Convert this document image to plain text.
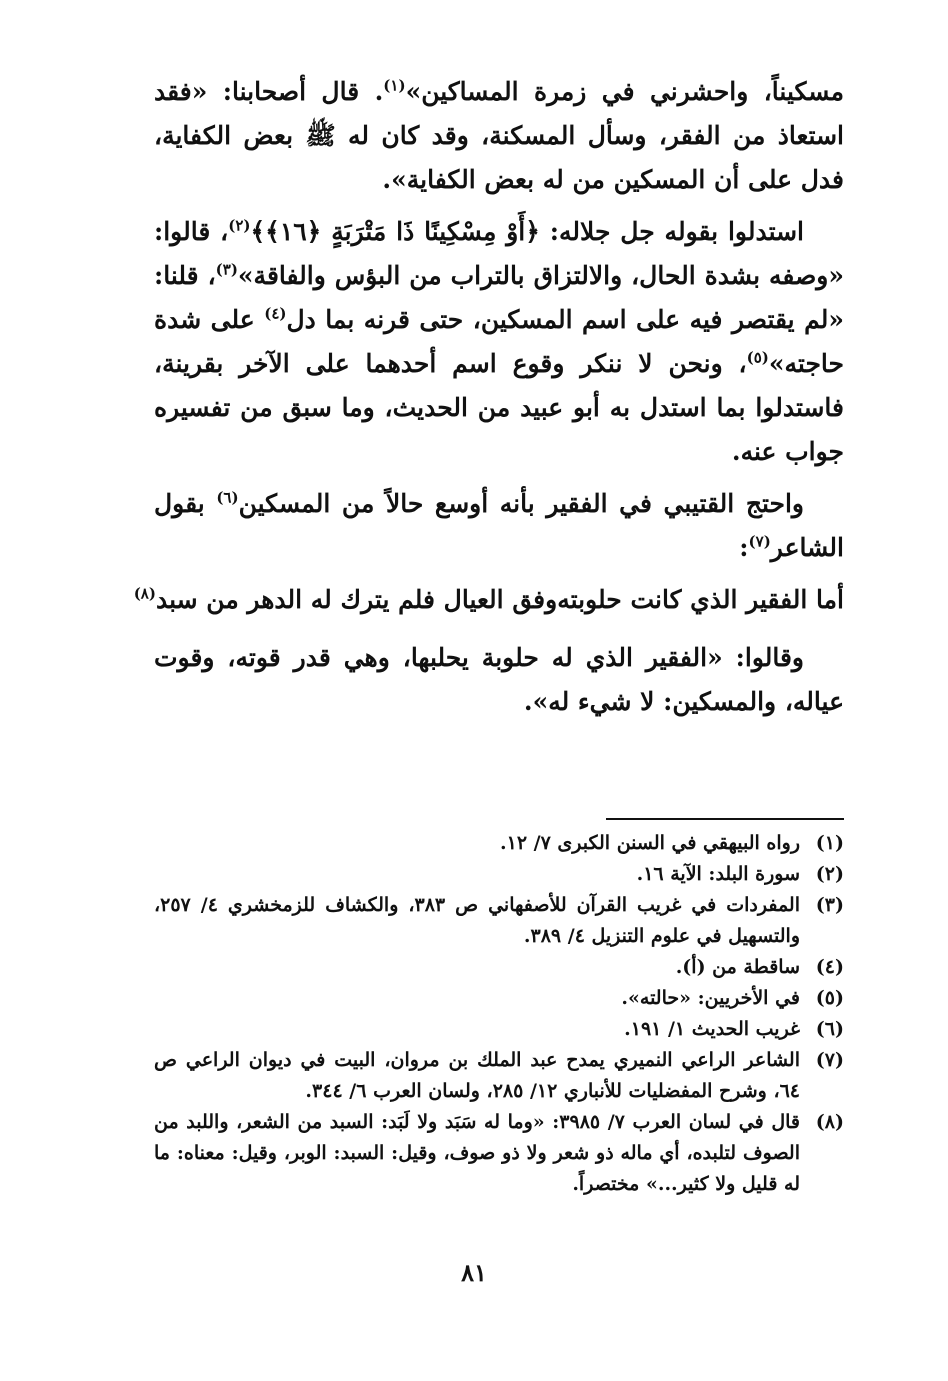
مسكيناً، واحشرني في زمرة المساكين»$^{(١)}$. قال أصحابنا: «فقد استعاذ من الفقر، وسأل المسكنة، وقد كان له ﷺ بعض الكفاية، فدل على أن المسكين من له بعض الكفاية».

استدلوا بقوله جل جلاله: ﴿أَوْ مِسْكِينًا ذَا مَتْرَبَةٍ ﴿١٦﴾﴾$^{(٢)}$، قالوا: «وصفه بشدة الحال، والالتزاق بالتراب من البؤس والفاقة»$^{(٣)}$، قلنا: «لم يقتصر فيه على اسم المسكين، حتى قرنه بما دل$^{(٤)}$ على شدة حاجته»$^{(٥)}$، ونحن لا ننكر وقوع اسم أحدهما على الآخر بقرينة، فاستدلوا بما استدل به أبو عبيد من الحديث، وما سبق من تفسيره جواب عنه.

واحتج القتيبي في الفقير بأنه أوسع حالاً من المسكين$^{(٦)}$ بقول الشاعر$^{(٧)}$:

أما الفقير الذي كانت حلوبته
وفق العيال فلم يترك له الدهر من سبد$^{(٨)}$

وقالوا: «الفقير الذي له حلوبة يحلبها، وهي قدر قوته، وقوت عياله، والمسكين: لا شيء له».

(١)
رواه البيهقي في السنن الكبرى ٧/ ١٢.
(٢)
سورة البلد: الآية ١٦.
(٣)
المفردات في غريب القرآن للأصفهاني ص ٣٨٣، والكشاف للزمخشري ٤/ ٢٥٧، والتسهيل في علوم التنزيل ٤/ ٣٨٩.
(٤)
ساقطة من (أ).
(٥)
في الأخريين: «حالته».
(٦)
غريب الحديث ١/ ١٩١.
(٧)
الشاعر الراعي النميري يمدح عبد الملك بن مروان، البيت في ديوان الراعي ص ٦٤، وشرح المفضليات للأنباري ١٢/ ٢٨٥، ولسان العرب ٦/ ٣٤٤.
(٨)
قال في لسان العرب ٧/ ٣٩٨٥: «وما له سَبَد ولا لَبَد: السبد من الشعر، واللبد من الصوف لتلبده، أي ماله ذو شعر ولا ذو صوف، وقيل: السبد: الوبر، وقيل: معناه: ما له قليل ولا كثير...» مختصراً.
٨١
